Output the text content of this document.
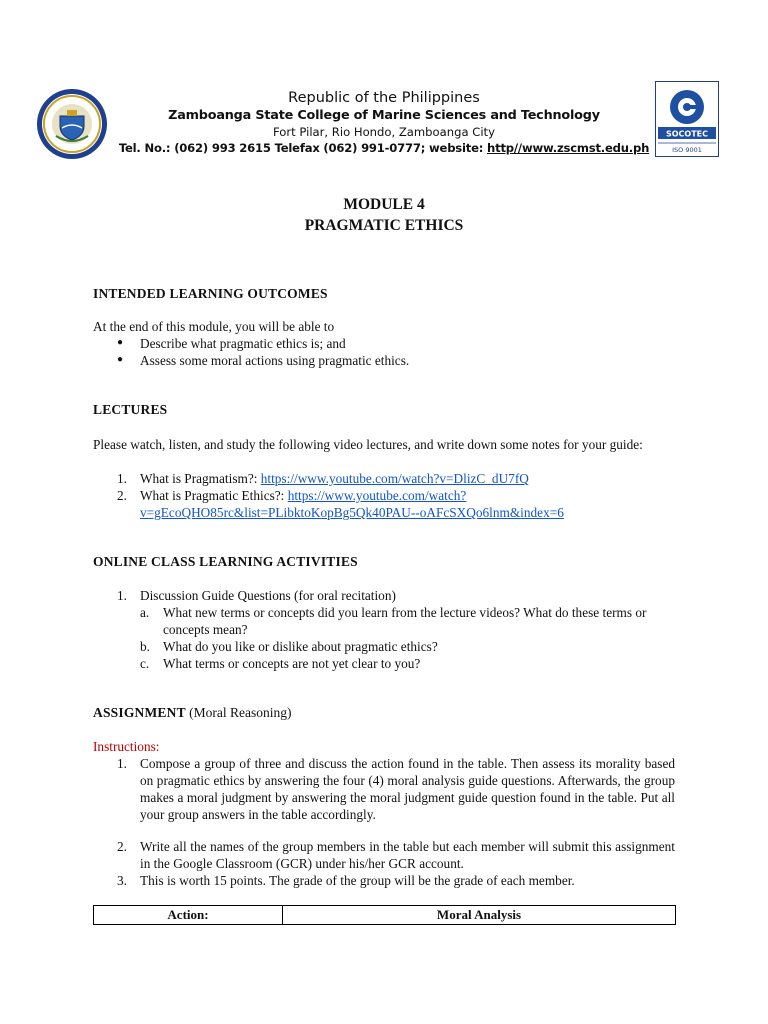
Republic of the Philippines
Zamboanga State College of Marine Sciences and Technology
Fort Pilar, Rio Hondo, Zamboanga City
Tel. No.: (062) 993 2615 Telefax (062) 991-0777; website: http//www.zscmst.edu.ph
SOCOTEC
ISO 9001
MODULE 4
PRAGMATIC ETHICS
INTENDED LEARNING OUTCOMES
At the end of this module, you will be able to
● Describe what pragmatic ethics is; and
● Assess some moral actions using pragmatic ethics.
LECTURES
Please watch, listen, and study the following video lectures, and write down some notes for your guide:
1. What is Pragmatism?: https://www.youtube.com/watch?v=DlizC_dU7fQ
2. What is Pragmatic Ethics?: https://www.youtube.com/watch?
v=gEcoQHO85rc&list=PLibktoKopBg5Qk40PAU--oAFcSXQo6lnm&index=6
ONLINE CLASS LEARNING ACTIVITIES
1. Discussion Guide Questions (for oral recitation)
a. What new terms or concepts did you learn from the lecture videos? What do these terms or concepts mean?
b. What do you like or dislike about pragmatic ethics?
c. What terms or concepts are not yet clear to you?
ASSIGNMENT (Moral Reasoning)
Instructions:
1. Compose a group of three and discuss the action found in the table. Then assess its morality based on pragmatic ethics by answering the four (4) moral analysis guide questions. Afterwards, the group makes a moral judgment by answering the moral judgment guide question found in the table. Put all your group answers in the table accordingly.
2. Write all the names of the group members in the table but each member will submit this assignment in the Google Classroom (GCR) under his/her GCR account.
3. This is worth 15 points. The grade of the group will be the grade of each member.
Action:	Moral Analysis
